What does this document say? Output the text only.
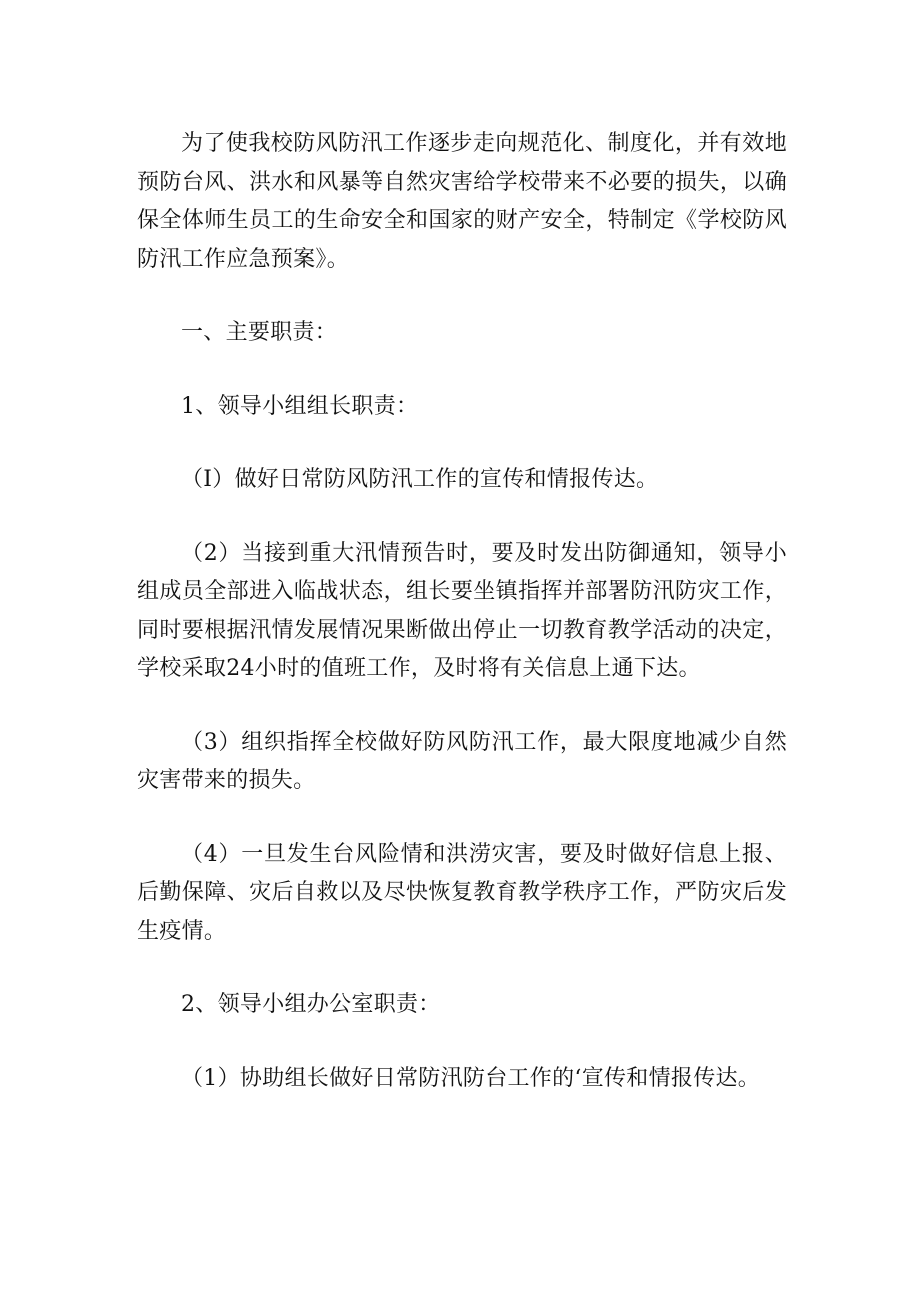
为了使我校防风防汛工作逐步走向规范化、制度化，并有效地预防台风、洪水和风暴等自然灾害给学校带来不必要的损失，以确保全体师生员工的生命安全和国家的财产安全，特制定《学校防风防汛工作应急预案》。

一、主要职责：

1、领导小组组长职责：

（I）做好日常防风防汛工作的宣传和情报传达。

（2）当接到重大汛情预告时，要及时发出防御通知，领导小组成员全部进入临战状态，组长要坐镇指挥并部署防汛防灾工作，同时要根据汛情发展情况果断做出停止一切教育教学活动的决定，学校采取24小时的值班工作，及时将有关信息上通下达。

（3）组织指挥全校做好防风防汛工作，最大限度地减少自然灾害带来的损失。

（4）一旦发生台风险情和洪涝灾害，要及时做好信息上报、后勤保障、灾后自救以及尽快恢复教育教学秩序工作，严防灾后发生疫情。

2、领导小组办公室职责：

（1）协助组长做好日常防汛防台工作的‘宣传和情报传达。
